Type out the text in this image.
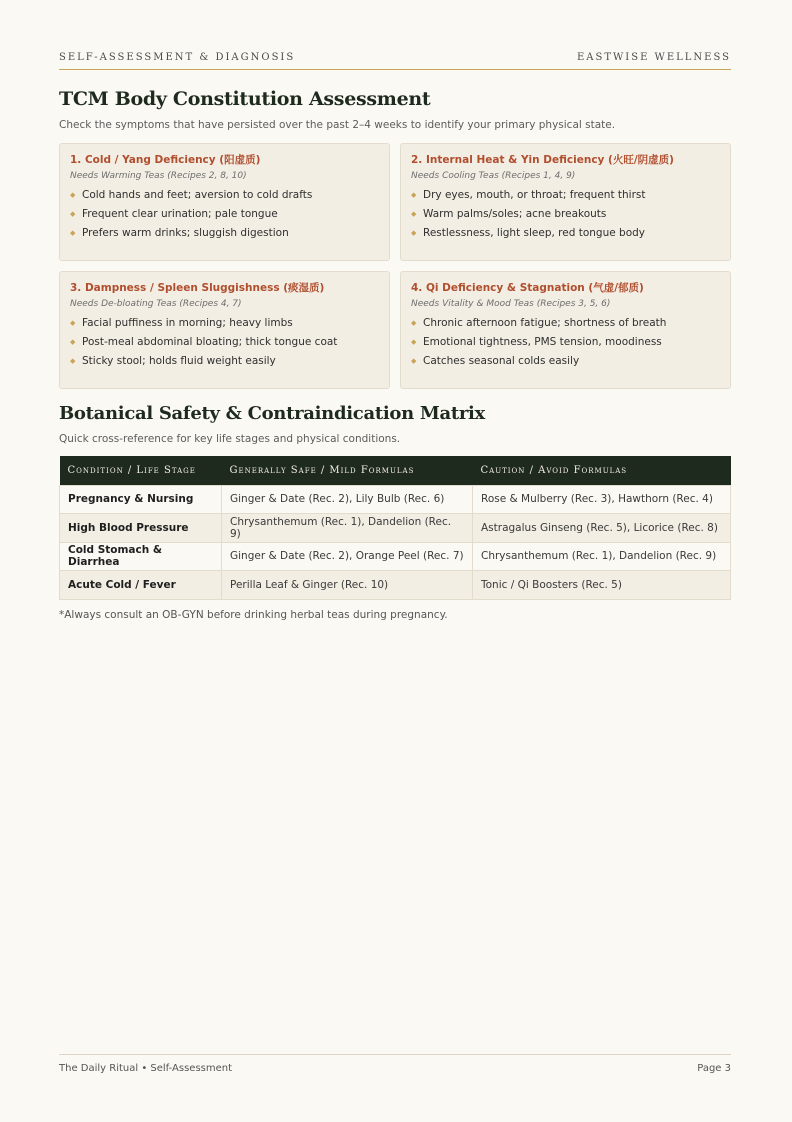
SELF-ASSESSMENT & DIAGNOSIS	EASTWISE WELLNESS
TCM Body Constitution Assessment

Check the symptoms that have persisted over the past 2–4 weeks to identify your primary physical state.

1. Cold / Yang Deficiency (阳虚质)
Needs Warming Teas (Recipes 2, 8, 10)
◆ Cold hands and feet; aversion to cold drafts
◆ Frequent clear urination; pale tongue
◆ Prefers warm drinks; sluggish digestion
2. Internal Heat & Yin Deficiency (火旺/阴虚质)
Needs Cooling Teas (Recipes 1, 4, 9)
◆ Dry eyes, mouth, or throat; frequent thirst
◆ Warm palms/soles; acne breakouts
◆ Restlessness, light sleep, red tongue body
3. Dampness / Spleen Sluggishness (痰湿质)
Needs De-bloating Teas (Recipes 4, 7)
◆ Facial puffiness in morning; heavy limbs
◆ Post-meal abdominal bloating; thick tongue coat
◆ Sticky stool; holds fluid weight easily
4. Qi Deficiency & Stagnation (气虚/郁质)
Needs Vitality & Mood Teas (Recipes 3, 5, 6)
◆ Chronic afternoon fatigue; shortness of breath
◆ Emotional tightness, PMS tension, moodiness
◆ Catches seasonal colds easily
Botanical Safety & Contraindication Matrix

Quick cross-reference for key life stages and physical conditions.

Condition / Life Stage	Generally Safe / Mild Formulas	Caution / Avoid Formulas
Pregnancy & Nursing	Ginger & Date (Rec. 2), Lily Bulb (Rec. 6)	Rose & Mulberry (Rec. 3), Hawthorn (Rec. 4)
High Blood Pressure	Chrysanthemum (Rec. 1), Dandelion (Rec. 9)	Astragalus Ginseng (Rec. 5), Licorice (Rec. 8)
Cold Stomach & Diarrhea	Ginger & Date (Rec. 2), Orange Peel (Rec. 7)	Chrysanthemum (Rec. 1), Dandelion (Rec. 9)
Acute Cold / Fever	Perilla Leaf & Ginger (Rec. 10)	Tonic / Qi Boosters (Rec. 5)

*Always consult an OB-GYN before drinking herbal teas during pregnancy.

The Daily Ritual • Self-Assessment	Page 3
